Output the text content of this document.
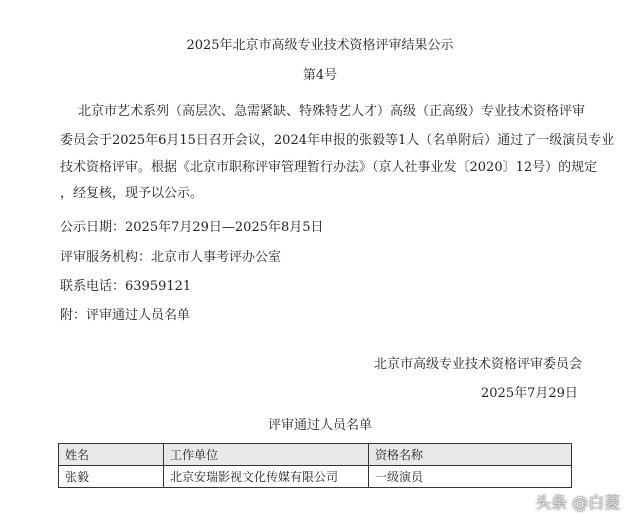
2025年北京市高级专业技术资格评审结果公示
第4号
北京市艺术系列（高层次、急需紧缺、特殊特艺人才）高级（正高级）专业技术资格评审
委员会于2025年6月15日召开会议，2024年申报的张毅等1人（名单附后）通过了一级演员专业
技术资格评审。根据《北京市职称评审管理暂行办法》（京人社事业发〔2020〕12号）的规定
，经复核，现予以公示。
公示日期：2025年7月29日—2025年8月5日
评审服务机构：北京市人事考评办公室
联系电话：63959121
附：评审通过人员名单
北京市高级专业技术资格评审委员会
2025年7月29日
评审通过人员名单
姓名	工作单位	资格名称
张毅	北京安瑞影视文化传媒有限公司	一级演员
头条 @白菱
